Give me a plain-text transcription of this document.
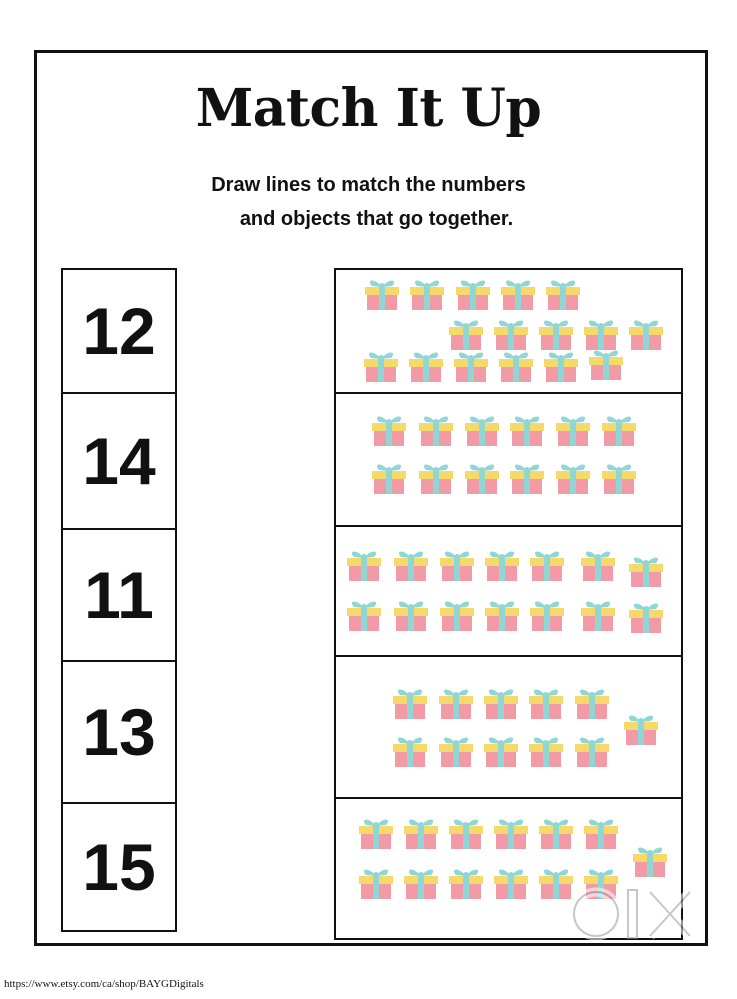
Match It Up
Draw lines to match the numbers
and objects that go together.
12
14
11
13
15
https://www.etsy.com/ca/shop/BAYGDigitals
